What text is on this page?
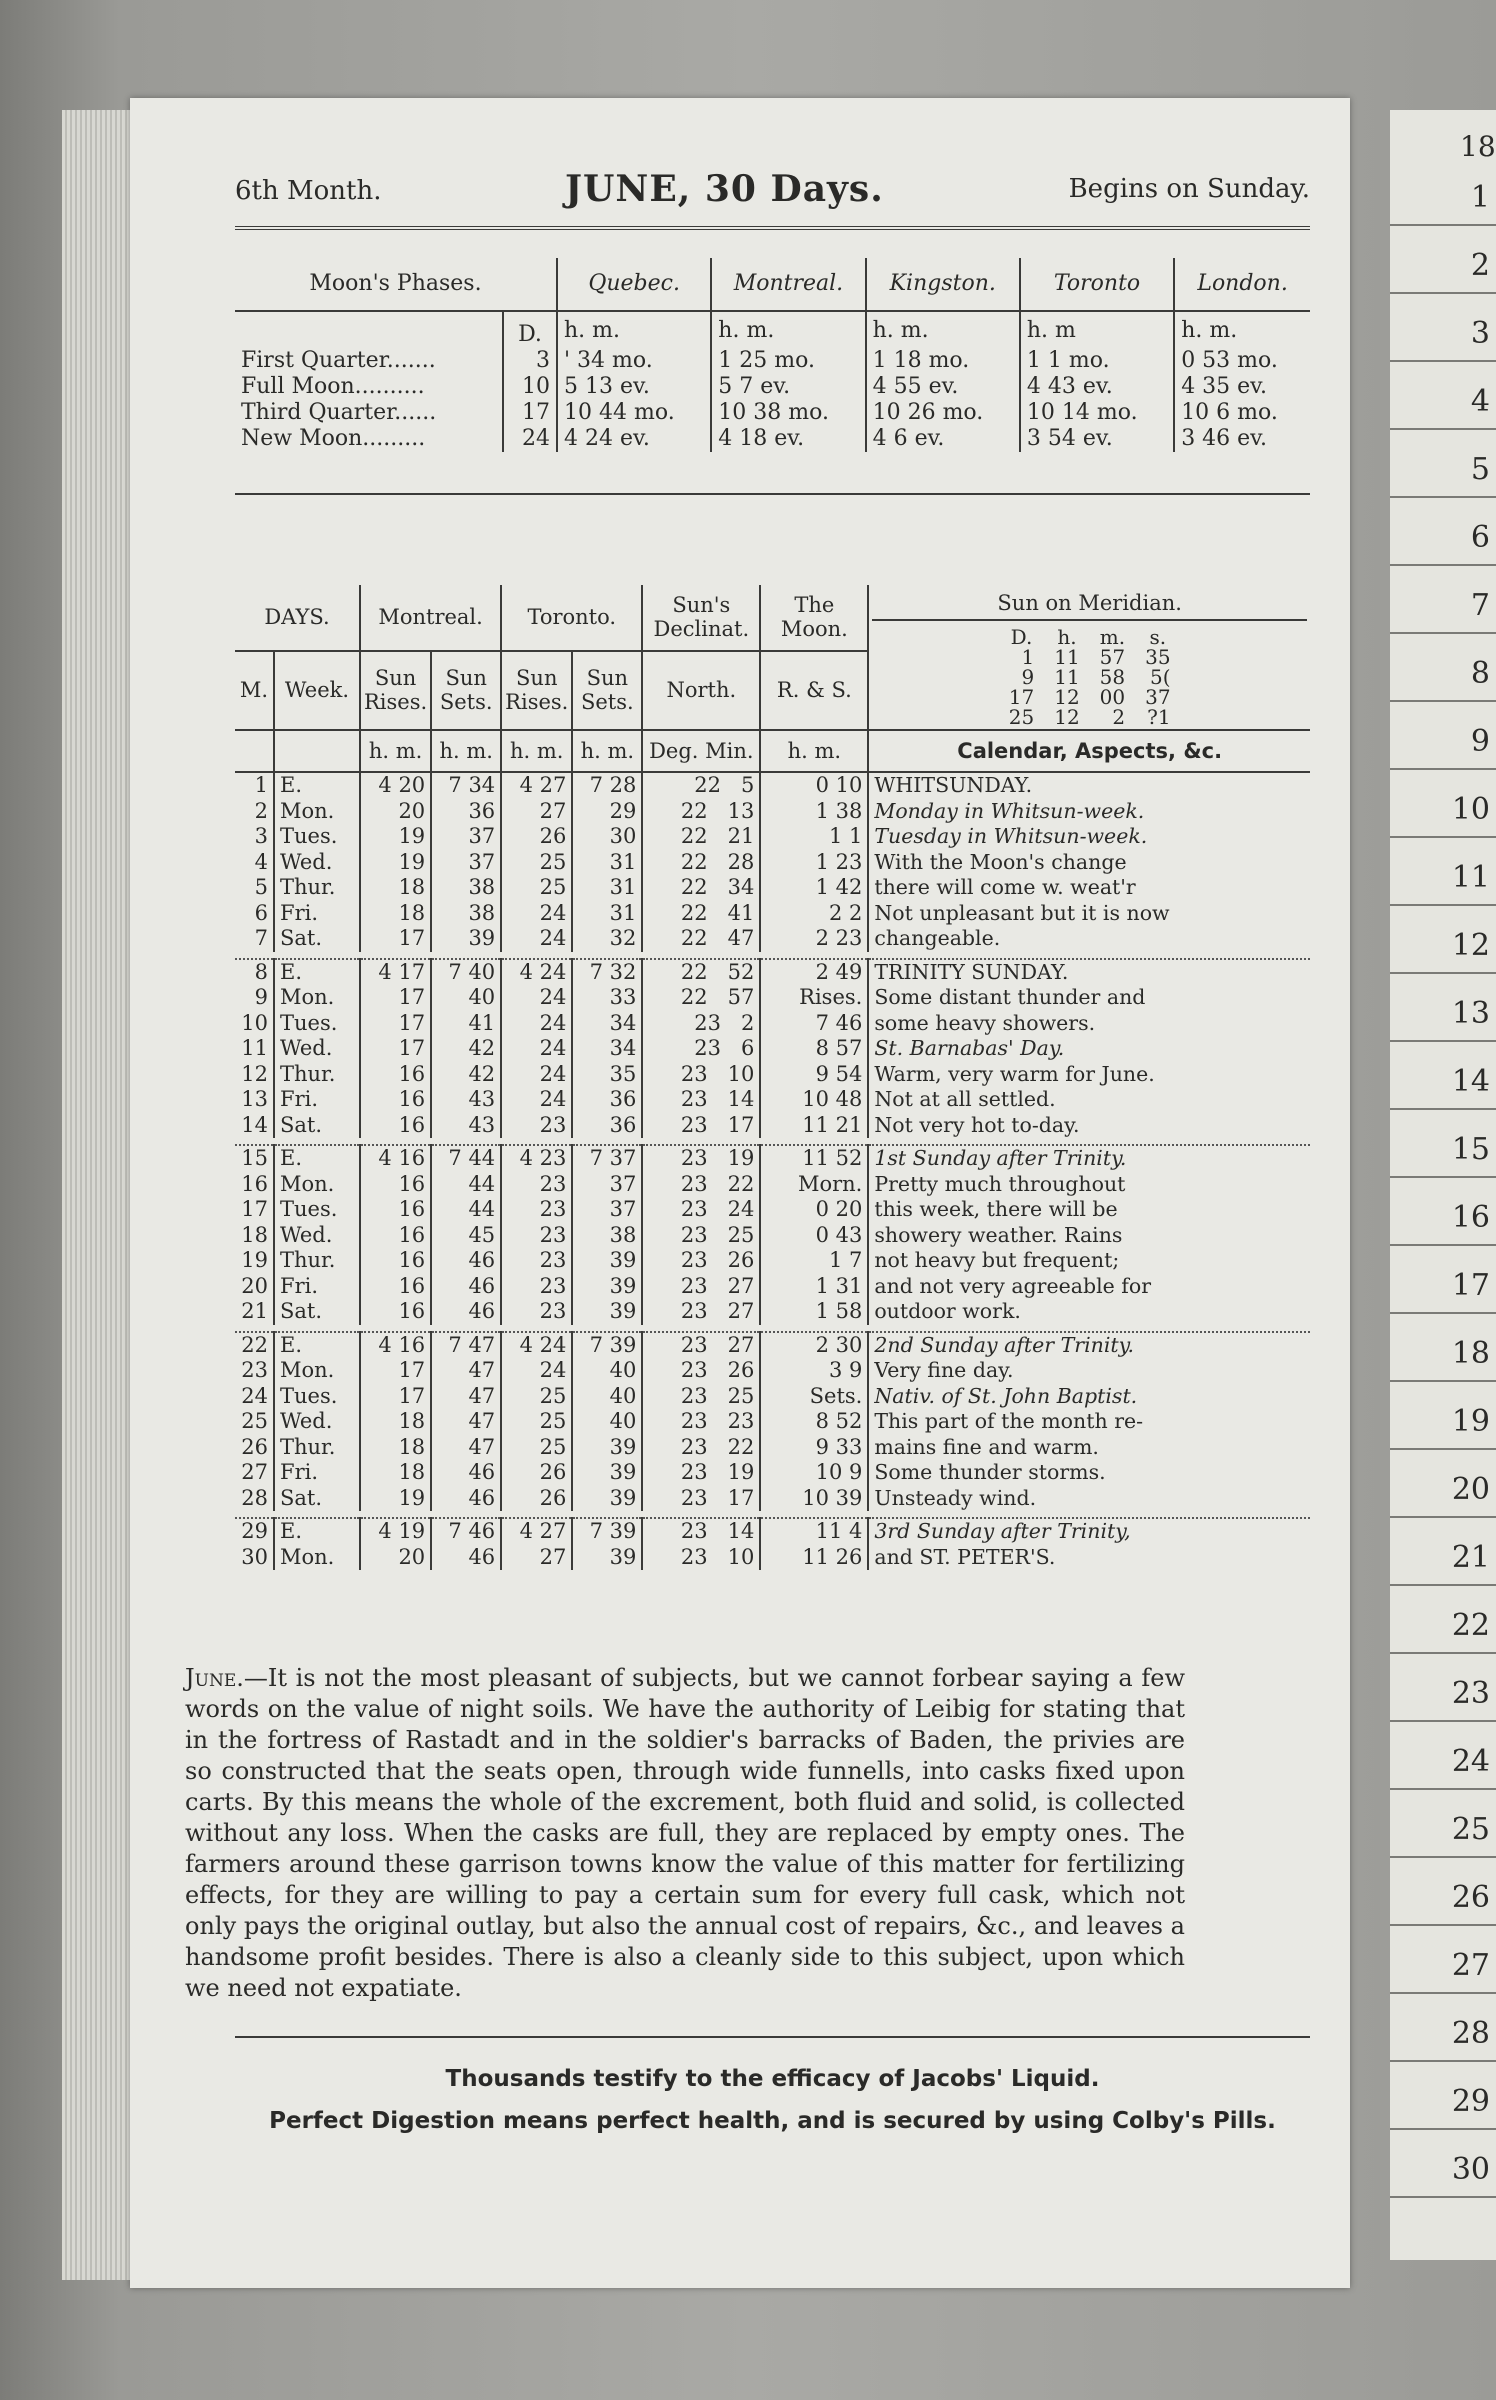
18
1
2
3
4
5
6
7
8
9
10
11
12
13
14
15
16
17
18
19
20
21
22
23
24
25
26
27
28
29
30
6th Month.	JUNE, 30 Days.	Begins on Sunday.
Moon's Phases.		Quebec.	Montreal.	Kingston.	Toronto	London.
	D.	h. m.	h. m.	h. m.	h. m	h. m.
First Quarter.......	3	' 34 mo.	1 25 mo.	1 18 mo.	1 1 mo.	0 53 mo.
Full Moon..........	10	5 13 ev.	5 7 ev.	4 55 ev.	4 43 ev.	4 35 ev.
Third Quarter......	17	10 44 mo.	10 38 mo.	10 26 mo.	10 14 mo.	10 6 mo.
New Moon.........	24	4 24 ev.	4 18 ev.	4 6 ev.	3 54 ev.	3 46 ev.
DAYS.	Montreal.	Toronto.	Sun's Declinat.	The Moon.	
Sun on Meridian.
D.	h.	m.	s.
1	11	57	35
9	11	58	5(
17	12	00	37
25	12	2	?1

M.	Week.	Sun Rises.	Sun Sets.	Sun Rises.	Sun Sets.	North.	R. & S.
		h. m.	h. m.	h. m.	h. m.	Deg. Min.	h. m.	Calendar, Aspects, &c.
1	E.	4 20	7 34	4 27	7 28	22 5	0 10	WHITSUNDAY.
2	Mon.	20	36	27	29	22 13	1 38	Monday in Whitsun-week.
3	Tues.	19	37	26	30	22 21	1 1	Tuesday in Whitsun-week.
4	Wed.	19	37	25	31	22 28	1 23	With the Moon's change
5	Thur.	18	38	25	31	22 34	1 42	there will come w. weat'r
6	Fri.	18	38	24	31	22 41	2 2	Not unpleasant but it is now
7	Sat.	17	39	24	32	22 47	2 23	changeable.

8	E.	4 17	7 40	4 24	7 32	22 52	2 49	TRINITY SUNDAY.
9	Mon.	17	40	24	33	22 57	Rises.	Some distant thunder and
10	Tues.	17	41	24	34	23 2	7 46	some heavy showers.
11	Wed.	17	42	24	34	23 6	8 57	St. Barnabas' Day.
12	Thur.	16	42	24	35	23 10	9 54	Warm, very warm for June.
13	Fri.	16	43	24	36	23 14	10 48	Not at all settled.
14	Sat.	16	43	23	36	23 17	11 21	Not very hot to-day.

15	E.	4 16	7 44	4 23	7 37	23 19	11 52	1st Sunday after Trinity.
16	Mon.	16	44	23	37	23 22	Morn.	Pretty much throughout
17	Tues.	16	44	23	37	23 24	0 20	this week, there will be
18	Wed.	16	45	23	38	23 25	0 43	showery weather. Rains
19	Thur.	16	46	23	39	23 26	1 7	not heavy but frequent;
20	Fri.	16	46	23	39	23 27	1 31	and not very agreeable for
21	Sat.	16	46	23	39	23 27	1 58	outdoor work.

22	E.	4 16	7 47	4 24	7 39	23 27	2 30	2nd Sunday after Trinity.
23	Mon.	17	47	24	40	23 26	3 9	Very fine day.
24	Tues.	17	47	25	40	23 25	Sets.	Nativ. of St. John Baptist.
25	Wed.	18	47	25	40	23 23	8 52	This part of the month re-
26	Thur.	18	47	25	39	23 22	9 33	mains fine and warm.
27	Fri.	18	46	26	39	23 19	10 9	Some thunder storms.
28	Sat.	19	46	26	39	23 17	10 39	Unsteady wind.

29	E.	4 19	7 46	4 27	7 39	23 14	11 4	3rd Sunday after Trinity,
30	Mon.	20	46	27	39	23 10	11 26	and ST. PETER'S.
June.—It is not the most pleasant of subjects, but we cannot forbear saying a few words on the value of night soils. We have the authority of Leibig for stating that in the fortress of Rastadt and in the soldier's barracks of Baden, the privies are so constructed that the seats open, through wide funnells, into casks fixed upon carts. By this means the whole of the excrement, both fluid and solid, is collected without any loss. When the casks are full, they are replaced by empty ones. The farmers around these garrison towns know the value of this matter for fertilizing effects, for they are willing to pay a certain sum for every full cask, which not only pays the original outlay, but also the annual cost of repairs, &c., and leaves a handsome profit besides. There is also a cleanly side to this subject, upon which we need not expatiate.
Thousands testify to the efficacy of Jacobs' Liquid.
Perfect Digestion means perfect health, and is secured by using Colby's Pills.
